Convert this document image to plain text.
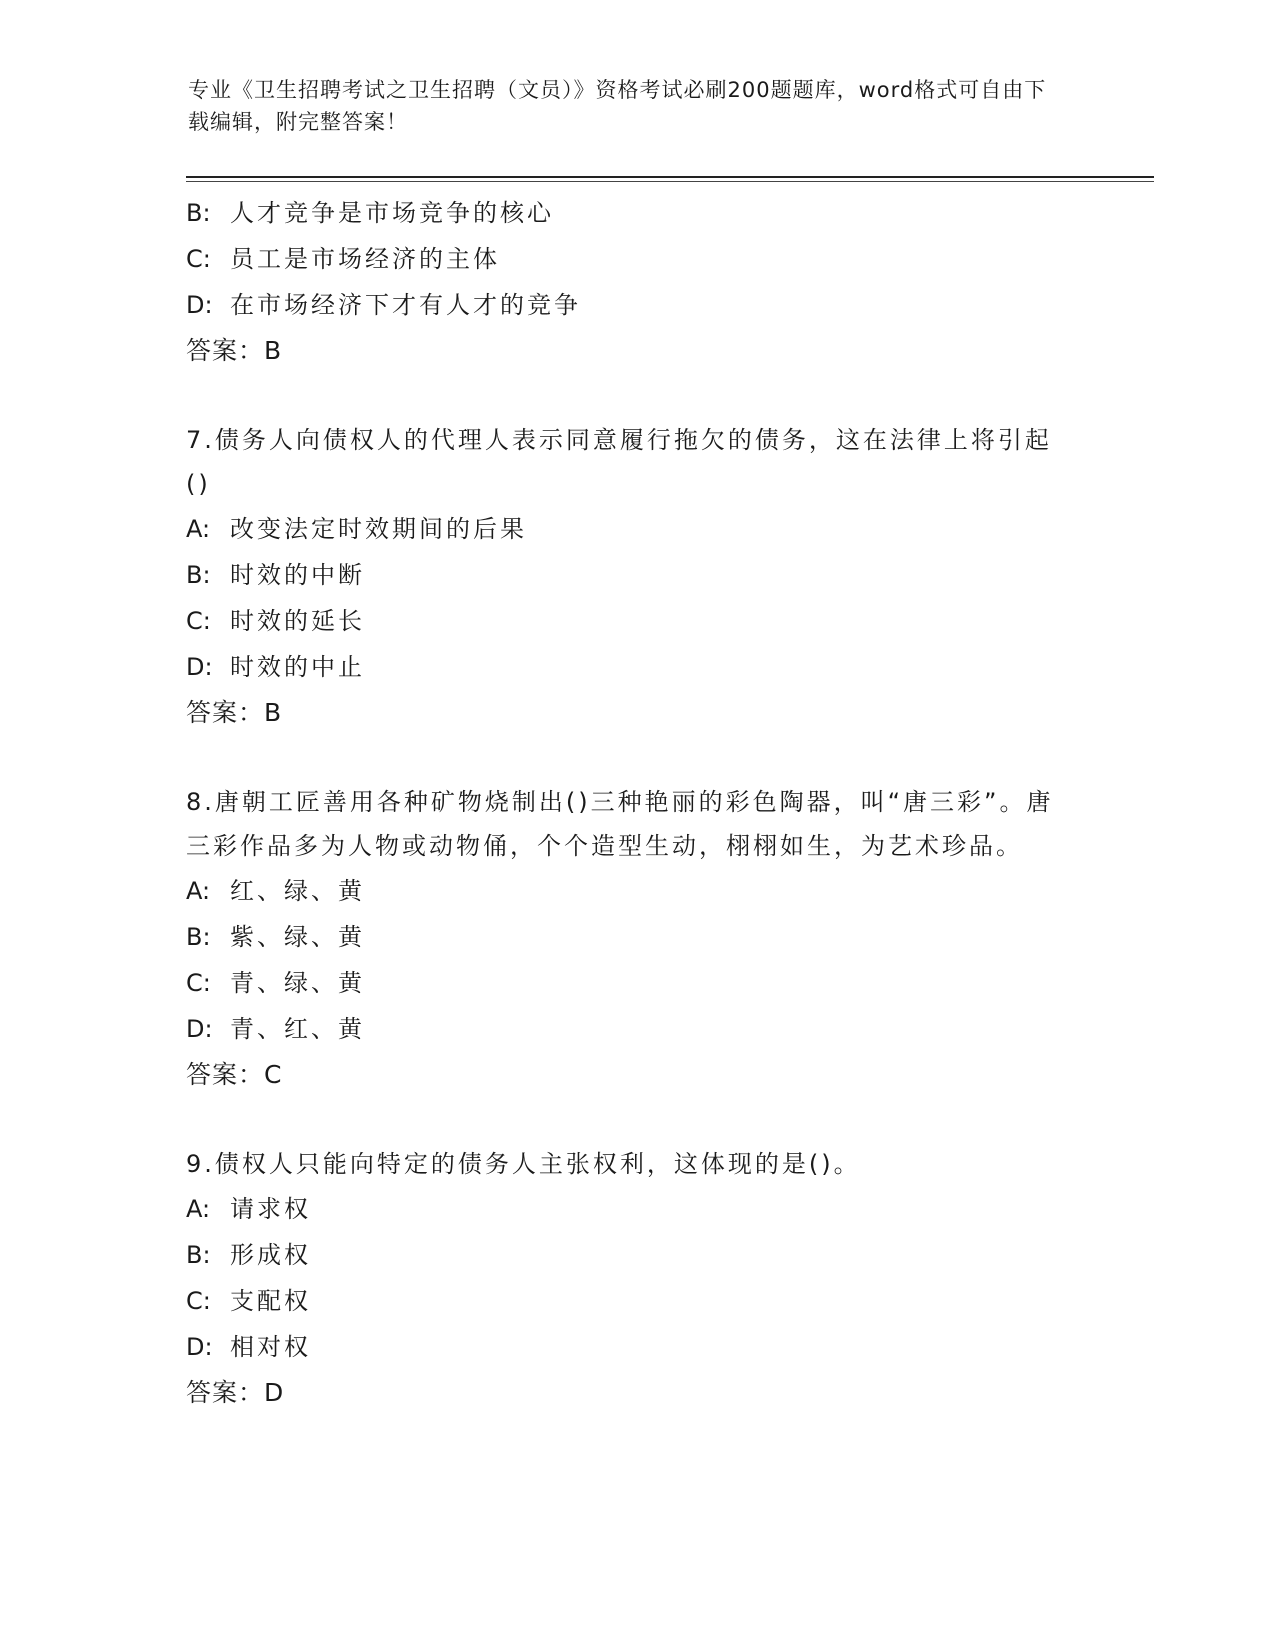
专业《卫生招聘考试之卫生招聘（文员）》资格考试必刷200题题库，word格式可自由下载编辑，附完整答案！
B: 人才竞争是市场竞争的核心
C: 员工是市场经济的主体
D: 在市场经济下才有人才的竞争
答案：B
7.债务人向债权人的代理人表示同意履行拖欠的债务，这在法律上将引起()
A: 改变法定时效期间的后果
B: 时效的中断
C: 时效的延长
D: 时效的中止
答案：B
8.唐朝工匠善用各种矿物烧制出()三种艳丽的彩色陶器，叫“唐三彩”。唐三彩作品多为人物或动物俑，个个造型生动，栩栩如生，为艺术珍品。
A: 红、绿、黄
B: 紫、绿、黄
C: 青、绿、黄
D: 青、红、黄
答案：C
9.债权人只能向特定的债务人主张权利，这体现的是()。
A: 请求权
B: 形成权
C: 支配权
D: 相对权
答案：D
